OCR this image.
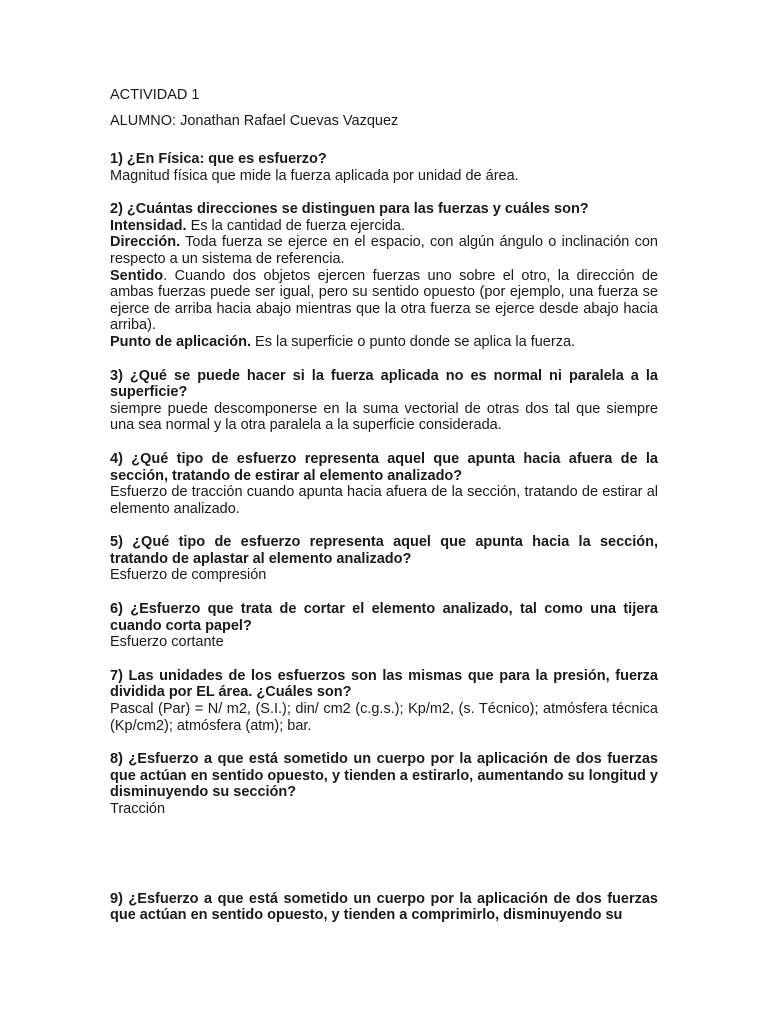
ACTIVIDAD 1

ALUMNO: Jonathan Rafael Cuevas Vazquez

1) ¿En Física: que es esfuerzo?

Magnitud física que mide la fuerza aplicada por unidad de área.

2) ¿Cuántas direcciones se distinguen para las fuerzas y cuáles son?

Intensidad. Es la cantidad de fuerza ejercida.

Dirección. Toda fuerza se ejerce en el espacio, con algún ángulo o inclinación con respecto a un sistema de referencia.

Sentido. Cuando dos objetos ejercen fuerzas uno sobre el otro, la dirección de ambas fuerzas puede ser igual, pero su sentido opuesto (por ejemplo, una fuerza se ejerce de arriba hacia abajo mientras que la otra fuerza se ejerce desde abajo hacia arriba).

Punto de aplicación. Es la superficie o punto donde se aplica la fuerza.

3) ¿Qué se puede hacer si la fuerza aplicada no es normal ni paralela a la superficie?

siempre puede descomponerse en la suma vectorial de otras dos tal que siempre una sea normal y la otra paralela a la superficie considerada.

4) ¿Qué tipo de esfuerzo representa aquel que apunta hacia afuera de la sección, tratando de estirar al elemento analizado?

Esfuerzo de tracción cuando apunta hacia afuera de la sección, tratando de estirar al elemento analizado.

5) ¿Qué tipo de esfuerzo representa aquel que apunta hacia la sección, tratando de aplastar al elemento analizado?

Esfuerzo de compresión

6) ¿Esfuerzo que trata de cortar el elemento analizado, tal como una tijera cuando corta papel?

Esfuerzo cortante

7) Las unidades de los esfuerzos son las mismas que para la presión, fuerza dividida por EL área. ¿Cuáles son?

Pascal (Par) = N/ m2, (S.I.); din/ cm2 (c.g.s.); Kp/m2, (s. Técnico); atmósfera técnica (Kp/cm2); atmósfera (atm); bar.

8) ¿Esfuerzo a que está sometido un cuerpo por la aplicación de dos fuerzas que actúan en sentido opuesto, y tienden a estirarlo, aumentando su longitud y disminuyendo su sección?

Tracción

9) ¿Esfuerzo a que está sometido un cuerpo por la aplicación de dos fuerzas que actúan en sentido opuesto, y tienden a comprimirlo, disminuyendo su
